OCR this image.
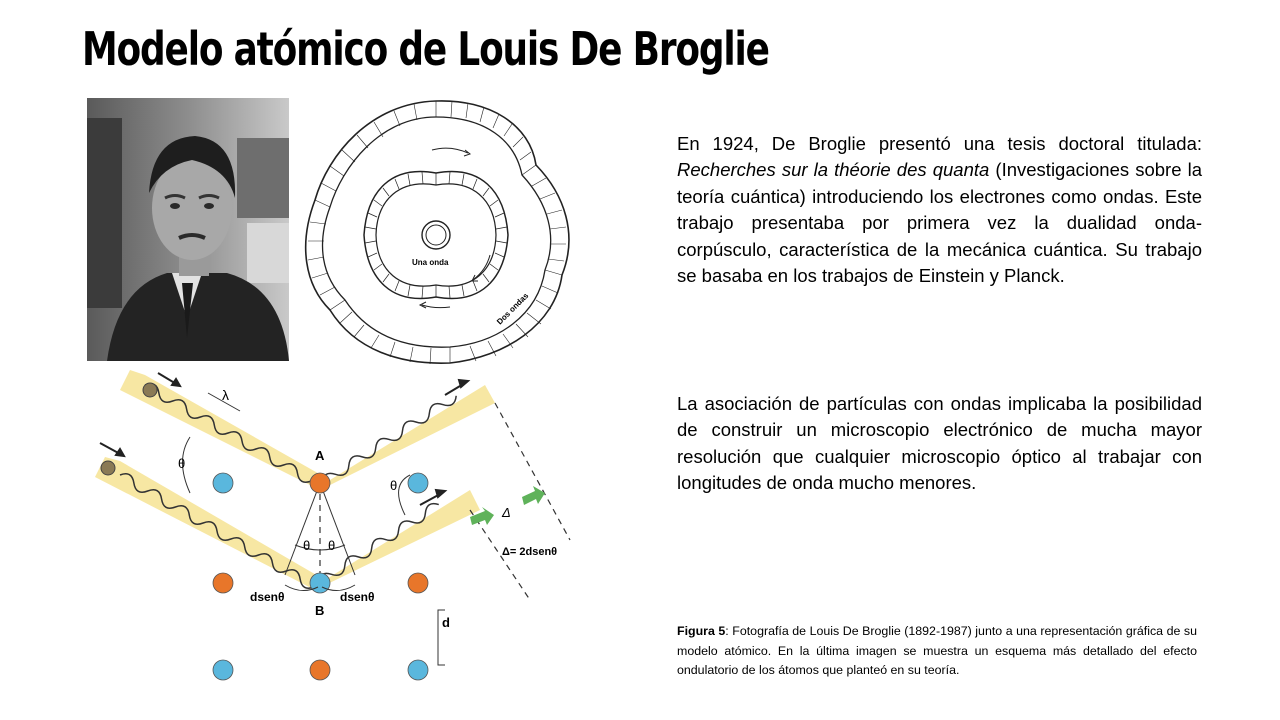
Modelo atómico de Louis De Broglie
Una onda
Dos ondas
λ
θ
θ
θ θ
A
B
dsenθ	dsenθ
d
Δ
Δ= 2dsenθ
En 1924, De Broglie presentó una tesis doctoral titulada: Recherches sur la théorie des quanta (Investigaciones sobre la teoría cuántica) introduciendo los electrones como ondas. Este trabajo presentaba por primera vez la dualidad onda-corpúsculo, característica de la mecánica cuántica. Su trabajo se basaba en los trabajos de Einstein y Planck.
La asociación de partículas con ondas implicaba la posibilidad de construir un microscopio electrónico de mucha mayor resolución que cualquier microscopio óptico al trabajar con longitudes de onda mucho menores.
Figura 5: Fotografía de Louis De Broglie (1892-1987) junto a una representación gráfica de su modelo atómico. En la última imagen se muestra un esquema más detallado del efecto ondulatorio de los átomos que planteó en su teoría.
